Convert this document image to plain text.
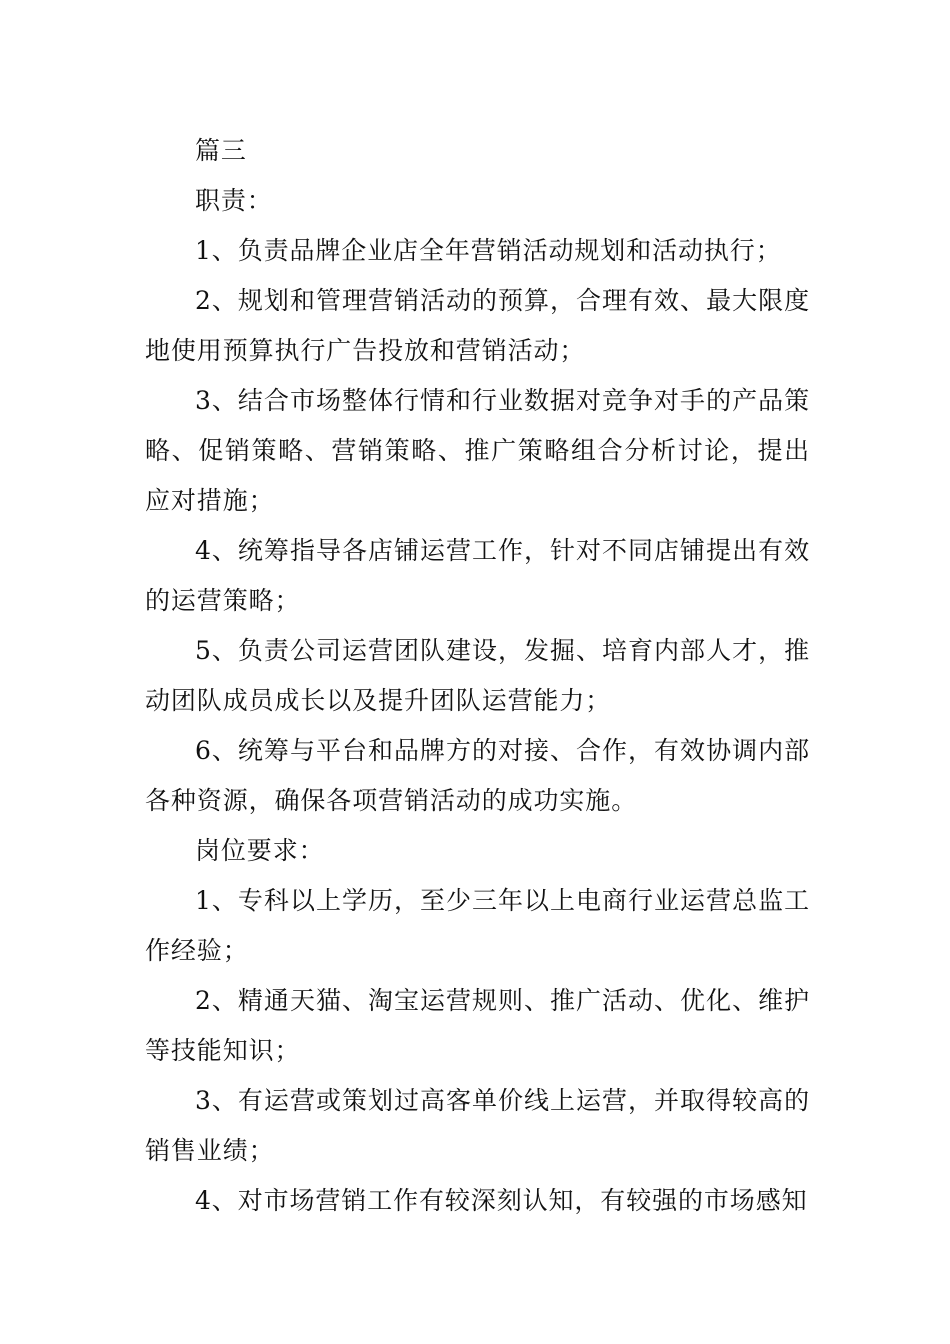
篇三

职责：

1、负责品牌企业店全年营销活动规划和活动执行；

2、规划和管理营销活动的预算，合理有效、最大限度地使用预算执行广告投放和营销活动；

3、结合市场整体行情和行业数据对竞争对手的产品策略、促销策略、营销策略、推广策略组合分析讨论，提出应对措施；

4、统筹指导各店铺运营工作，针对不同店铺提出有效的运营策略；

5、负责公司运营团队建设，发掘、培育内部人才，推动团队成员成长以及提升团队运营能力；

6、统筹与平台和品牌方的对接、合作，有效协调内部各种资源，确保各项营销活动的成功实施。

岗位要求：

1、专科以上学历，至少三年以上电商行业运营总监工作经验；

2、精通天猫、淘宝运营规则、推广活动、优化、维护等技能知识；

3、有运营或策划过高客单价线上运营，并取得较高的销售业绩；

4、对市场营销工作有较深刻认知，有较强的市场感知
